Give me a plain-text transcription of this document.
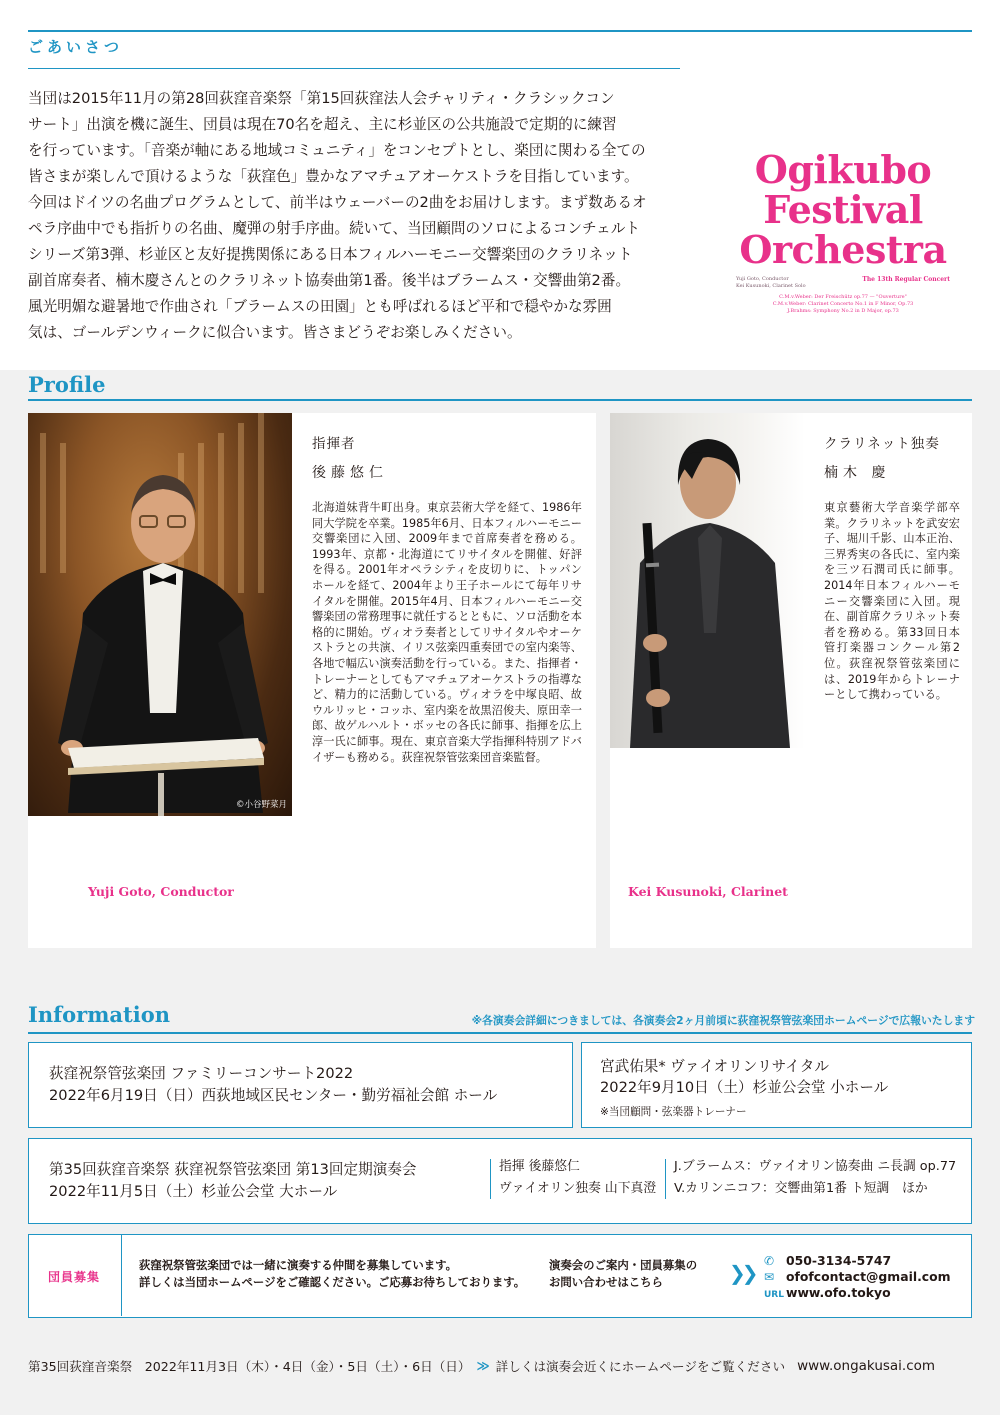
ごあいさつ

当団は2015年11月の第28回荻窪音楽祭「第15回荻窪法人会チャリティ・クラシックコン

サート」出演を機に誕生、団員は現在70名を超え、主に杉並区の公共施設で定期的に練習

を行っています。「音楽が軸にある地域コミュニティ」をコンセプトとし、楽団に関わる全ての

皆さまが楽しんで頂けるような「荻窪色」豊かなアマチュアオーケストラを目指しています。

今回はドイツの名曲プログラムとして、前半はウェーバーの2曲をお届けします。まず数あるオ

ペラ序曲中でも指折りの名曲、魔弾の射手序曲。続いて、当団顧問のソロによるコンチェルト

シリーズ第3弾、杉並区と友好提携関係にある日本フィルハーモニー交響楽団のクラリネット

副首席奏者、楠木慶さんとのクラリネット協奏曲第1番。後半はブラームス・交響曲第2番。

風光明媚な避暑地で作曲され「ブラームスの田園」とも呼ばれるほど平和で穏やかな雰囲

気は、ゴールデンウィークに似合います。皆さまどうぞお楽しみください。

Ogikubo
Festival
Orchestra
Yuji Goto, Conductor
Kei Kusunoki, Clarinet Solo
The 13th Regular Concert
C.M.v.Weber: Der Freischütz op.77 — "Ouverture"
C.M.v.Weber: Clarinet Concerto No.1 in F Minor, Op.73
J.Brahms: Symphony No.2 in D Major, op.73
Profile
©小谷野菜月
指揮者
後藤悠仁
北海道妹背牛町出身。東京芸術大学を経て、1986年同大学院を卒業。1985年6月、日本フィルハーモニー交響楽団に入団、2009年まで首席奏者を務める。1993年、京都・北海道にてリサイタルを開催、好評を得る。2001年オペラシティを皮切りに、トッパンホールを経て、2004年より王子ホールにて毎年リサイタルを開催。2015年4月、日本フィルハーモニー交響楽団の常務理事に就任するとともに、ソロ活動を本格的に開始。ヴィオラ奏者としてリサイタルやオーケストラとの共演、イリス弦楽四重奏団での室内楽等、各地で幅広い演奏活動を行っている。また、指揮者・トレーナーとしてもアマチュアオーケストラの指導など、精力的に活動している。ヴィオラを中塚良昭、故ウルリッヒ・コッホ、室内楽を故黒沼俊夫、原田幸一郎、故ゲルハルト・ボッセの各氏に師事、指揮を広上淳一氏に師事。現在、東京音楽大学指揮科特別アドバイザーも務める。荻窪祝祭管弦楽団音楽監督。
Yuji Goto, Conductor
クラリネット独奏
楠木 慶
東京藝術大学音楽学部卒業。クラリネットを武安宏子、堀川千影、山本正治、三界秀実の各氏に、室内楽を三ツ石潤司氏に師事。2014年日本フィルハーモニー交響楽団に入団。現在、副首席クラリネット奏者を務める。第33回日本管打楽器コンクール第2位。荻窪祝祭管弦楽団には、2019年からトレーナーとして携わっている。
Kei Kusunoki, Clarinet
Information	※各演奏会詳細につきましては、各演奏会2ヶ月前頃に荻窪祝祭管弦楽団ホームページで広報いたします
荻窪祝祭管弦楽団 ファミリーコンサート2022
2022年6月19日（日）西荻地域区民センター・勤労福祉会館 ホール
宮武佑果* ヴァイオリンリサイタル
2022年9月10日（土）杉並公会堂 小ホール
※当団顧問・弦楽器トレーナー
第35回荻窪音楽祭 荻窪祝祭管弦楽団 第13回定期演奏会
2022年11月5日（土）杉並公会堂 大ホール
指揮 後藤悠仁
ヴァイオリン独奏 山下真澄
J.ブラームス：ヴァイオリン協奏曲 ニ長調 op.77
V.カリンニコフ：交響曲第1番 ト短調　ほか
荻窪祝祭管弦楽団では一緒に演奏する仲間を募集しています。
詳しくは当団ホームページをご確認ください。ご応募お待ちしております。
演奏会のご案内・団員募集の
お問い合わせはこちら	❯❯ ✆ 050-3134-5747
✉ ofofcontact@gmail.com
URL www.ofo.tokyo
団員募集
第35回荻窪音楽祭　2022年11月3日（木）・4日（金）・5日（土）・6日（日） ≫ 詳しくは演奏会近くにホームページをご覧ください www.ongakusai.com
